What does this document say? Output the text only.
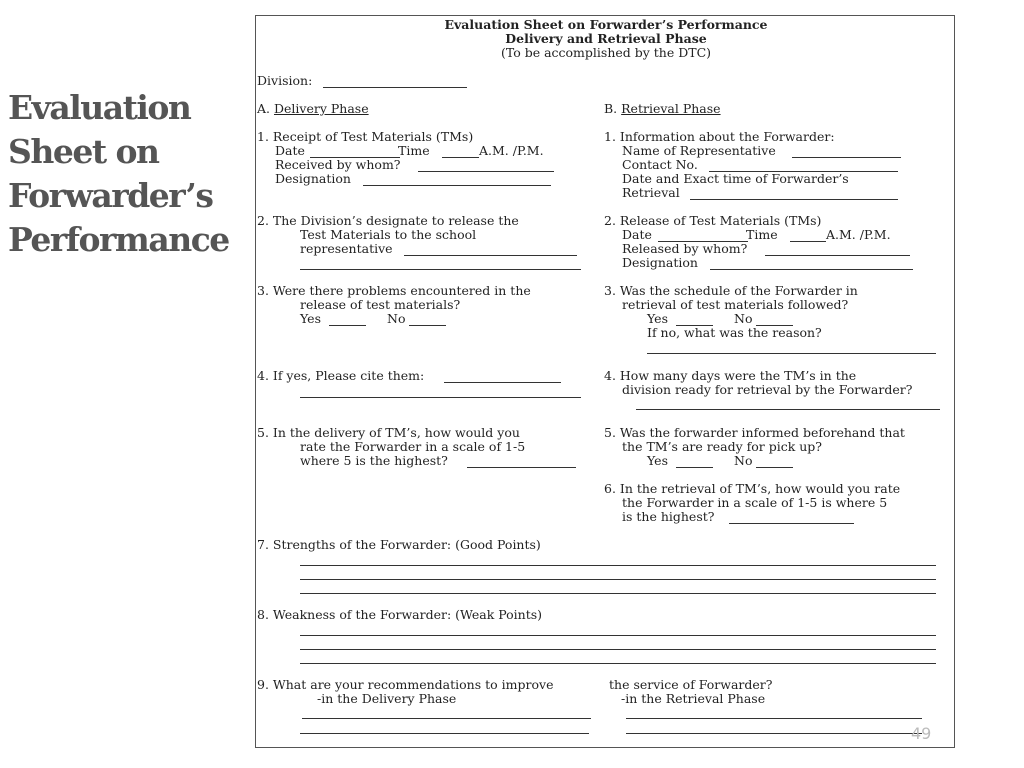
Evaluation
Sheet on
Forwarder’s
Performance
Evaluation Sheet on Forwarder’s Performance
Delivery and Retrieval Phase
(To be accomplished by the DTC)
Division:
A. Delivery Phase	B. Retrieval Phase
1. Receipt of Test Materials (TMs)
Date	Time	A.M. /P.M.
Received by whom?
Designation
2. The Division’s designate to release the
Test Materials to the school
representative
3. Were there problems encountered in the
release of test materials?
Yes	No
4. If yes, Please cite them:
5. In the delivery of TM’s, how would you
rate the Forwarder in a scale of 1-5
where 5 is the highest?
1. Information about the Forwarder:
Name of Representative
Contact No.
Date and Exact time of Forwarder’s
Retrieval
2. Release of Test Materials (TMs)
Date	Time	A.M. /P.M.
Released by whom?
Designation
3. Was the schedule of the Forwarder in
retrieval of test materials followed?
Yes	No
If no, what was the reason?
4. How many days were the TM’s in the
division ready for retrieval by the Forwarder?
5. Was the forwarder informed beforehand that
the TM’s are ready for pick up?
Yes	No
6. In the retrieval of TM’s, how would you rate
the Forwarder in a scale of 1-5 is where 5
is the highest?
7. Strengths of the Forwarder: (Good Points)
8. Weakness of the Forwarder: (Weak Points)
9. What are your recommendations to improve	the service of Forwarder?
-in the Delivery Phase	-in the Retrieval Phase
49
